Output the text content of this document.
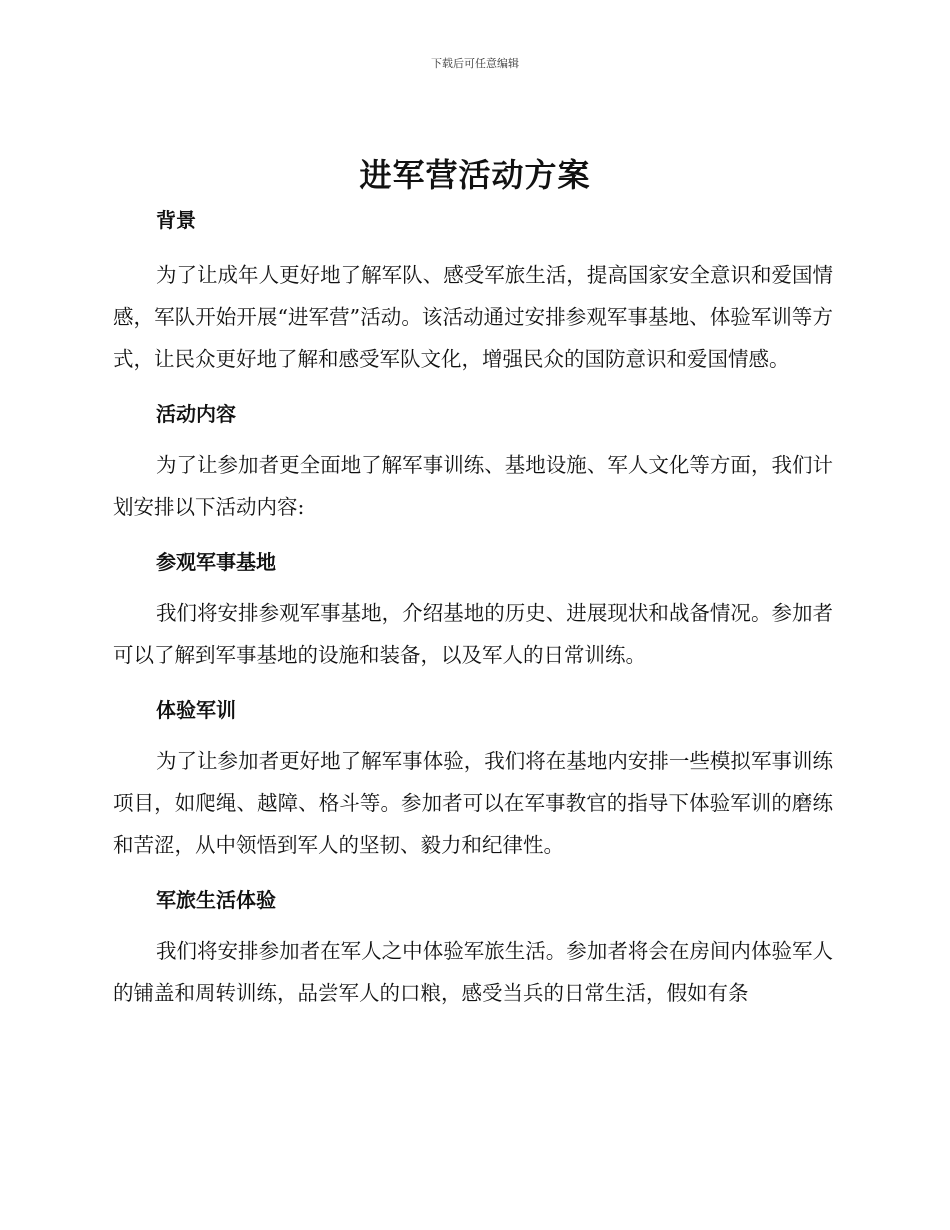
下载后可任意编辑
进军营活动方案
背景

为了让成年人更好地了解军队、感受军旅生活，提高国家安全意识和爱国情感，军队开始开展“进军营”活动。该活动通过安排参观军事基地、体验军训等方式，让民众更好地了解和感受军队文化，增强民众的国防意识和爱国情感。

活动内容

为了让参加者更全面地了解军事训练、基地设施、军人文化等方面，我们计划安排以下活动内容:

参观军事基地

我们将安排参观军事基地，介绍基地的历史、进展现状和战备情况。参加者可以了解到军事基地的设施和装备，以及军人的日常训练。

体验军训

为了让参加者更好地了解军事体验，我们将在基地内安排一些模拟军事训练项目，如爬绳、越障、格斗等。参加者可以在军事教官的指导下体验军训的磨练和苦涩，从中领悟到军人的坚韧、毅力和纪律性。

军旅生活体验

我们将安排参加者在军人之中体验军旅生活。参加者将会在房间内体验军人的铺盖和周转训练，品尝军人的口粮，感受当兵的日常生活，假如有条
